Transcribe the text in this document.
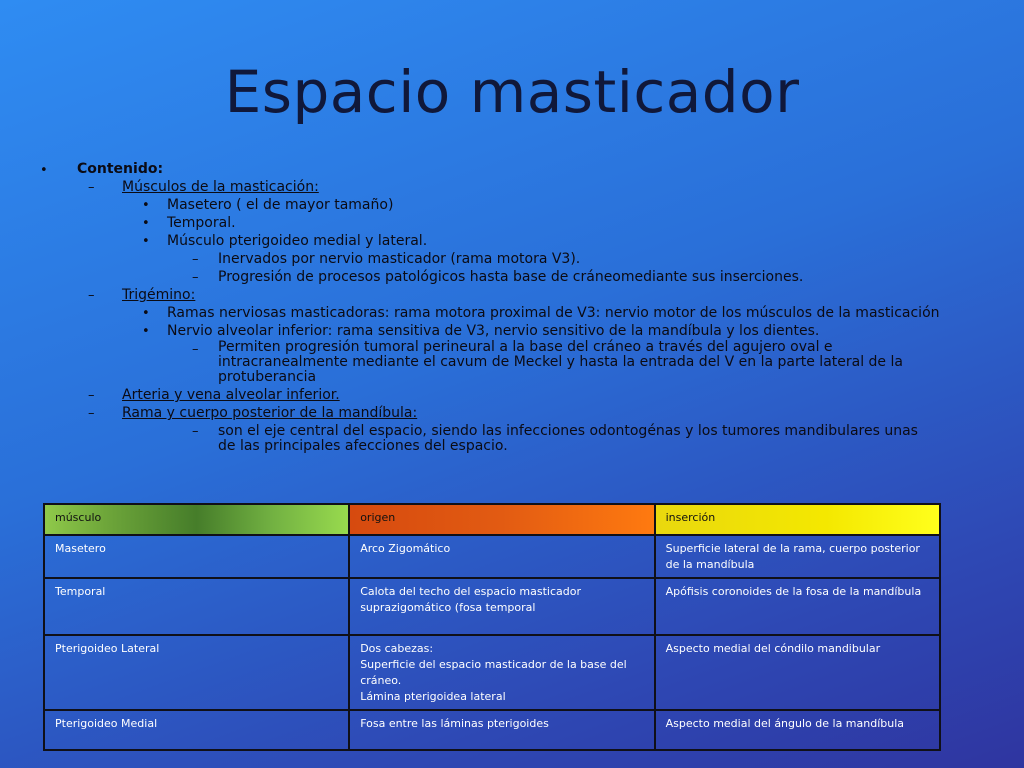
Espacio masticador
• Contenido:
– Músculos de la masticación:
• Masetero ( el de mayor tamaño)
• Temporal.
• Músculo pterigoideo medial y lateral.
– Inervados por nervio masticador (rama motora V3).
– Progresión de procesos patológicos hasta base de cráneomediante sus inserciones.
– Trigémino:
• Ramas nerviosas masticadoras: rama motora proximal de V3: nervio motor de los músculos de la masticación
• Nervio alveolar inferior: rama sensitiva de V3, nervio sensitivo de la mandíbula y los dientes.
– Permiten progresión tumoral perineural a la base del cráneo a través del agujero oval e intracranealmente mediante el cavum de Meckel y hasta la entrada del V en la parte lateral de la protuberancia
– Arteria y vena alveolar inferior.
– Rama y cuerpo posterior de la mandíbula:
– son el eje central del espacio, siendo las infecciones odontogénas y los tumores mandibulares unas de las principales afecciones del espacio.
músculo	origen	inserción
Masetero	Arco Zigomático	Superficie lateral de la rama, cuerpo posterior de la mandíbula
Temporal	Calota del techo del espacio masticador suprazigomático (fosa temporal	Apófisis coronoides de la fosa de la mandíbula
Pterigoideo Lateral	Dos cabezas:
Superficie del espacio masticador de la base del cráneo.
Lámina pterigoidea lateral	Aspecto medial del cóndilo mandibular
Pterigoideo Medial	Fosa entre las láminas pterigoides	Aspecto medial del ángulo de la mandíbula
